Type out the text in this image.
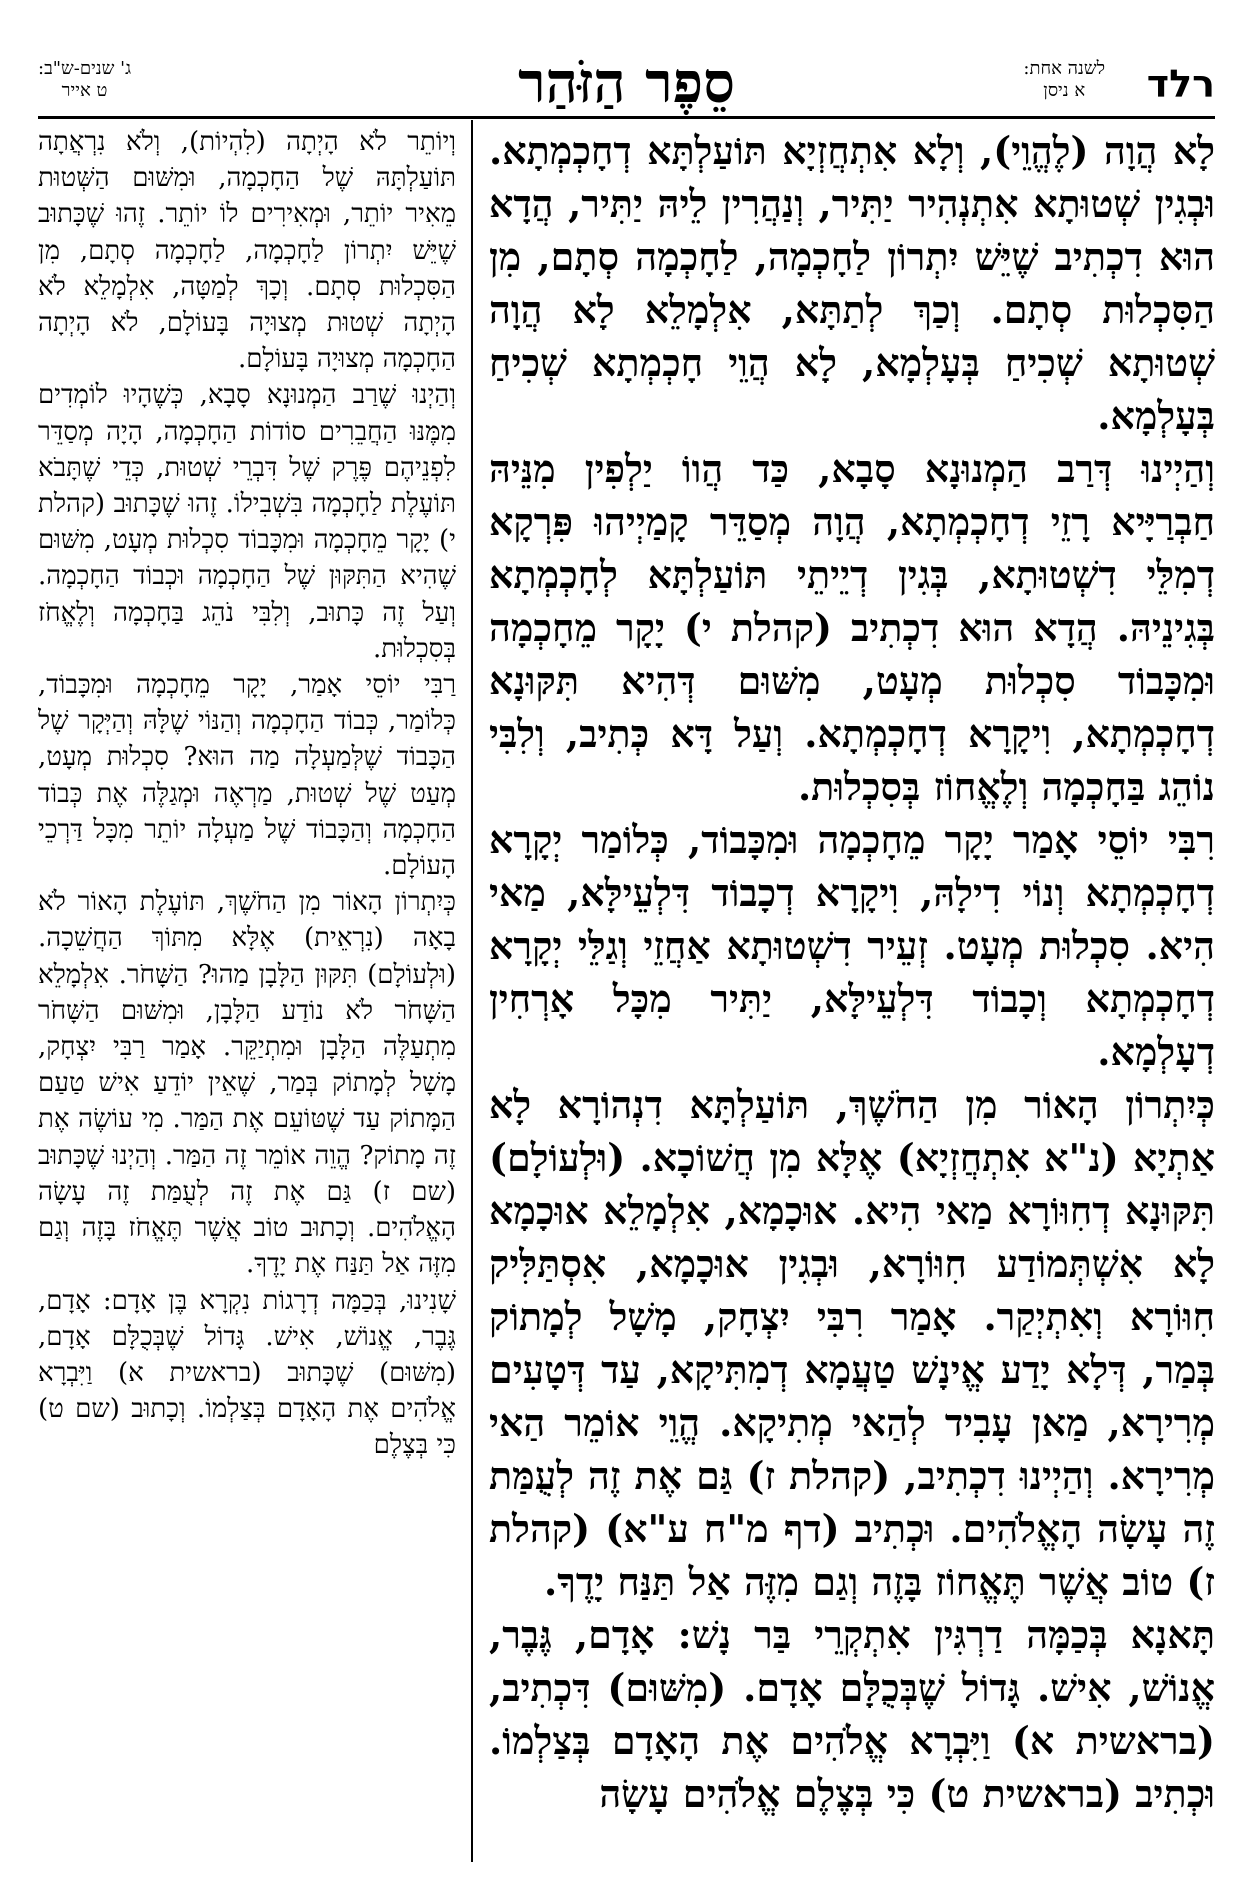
רלד
לשנה אחת:
א ניסן
סֵפֶר הַזֹּהַר
ג' שנים-ש"ב:
ט אייר

לָא הֲוָה (לֶהֱוֵי), וְלָא אִתְחֲזְיָא תּוֹעַלְתָּא דְחָכְמְתָא. וּבְגִין שְׁטוּתָא אִתְנְהִיר יַתִּיר, וְנַהֲרִין לֵיהּ יַתִּיר, הֲדָא הוּא דִכְתִיב שֶׁיֵּשׁ יִתְרוֹן לַחָכְמָה, לַחָכְמָה סְתָם, מִן הַסִּכְלוּת סְתָם. וְכַךְ לְתַתָּא, אִלְמָלֵא לָא הֲוָה שְׁטוּתָא שְׁכִיחַ בְּעָלְמָא, לָא הֲוֵי חָכְמְתָא שְׁכִיחַ בְּעָלְמָא.

וְהַיְינוּ דְּרַב הַמְנוּנָא סָבָא, כַּד הֲווֹ יַלְפִין מִנֵּיהּ חַבְרַיָּיא רָזֵי דְחָכְמְתָא, הֲוָה מְסַדֵּר קָמַיְיהוּ פִּרְקָא דְמִלֵּי דִשְׁטוּתָא, בְּגִין דְיֵיתֵי תּוֹעַלְתָּא לְחָכְמְתָא בְּגִינֵיהּ. הֲדָא הוּא דִכְתִיב (קהלת י) יָקָר מֵחָכְמָה וּמִכָּבוֹד סִכְלוּת מְעָט, מִשּׁוּם דְּהִיא תִּקּוּנָא דְחָכְמְתָא, וִיקָרָא דְחָכְמְתָא. וְעַל דָּא כְּתִיב, וְלִבִּי נוֹהֵג בַּחָכְמָה וְלֶאֱחוֹז בְּסִכְלוּת.

רִבִּי יוֹסֵי אָמַר יָקָר מֵחָכְמָה וּמִכָּבוֹד, כְּלוֹמַר יְקָרָא דְחָכְמְתָא וְנוֹי דִילָהּ, וִיקָרָא דְכָבוֹד דִּלְעֵילָּא, מַאי הִיא. סִכְלוּת מְעָט. זְעֵיר דִשְׁטוּתָא אַחֲזֵי וְגַלֵּי יְקָרָא דְחָכְמְתָא וְכָבוֹד דִּלְעֵילָּא, יַתִּיר מִכָּל אָרְחִין דְעָלְמָא.

כְּיִתְרוֹן הָאוֹר מִן הַחֹשֶׁךְ, תּוֹעַלְתָּא דִנְהוֹרָא לָא אַתְיָא (נ"א אִתְחֲזְיָא) אֶלָּא מִן חֲשׁוֹכָא. (וּלְעוֹלָם) תִּקּוּנָא דְחִוּוֹרָא מַאי הִיא. אוּכָמָא, אִלְמָלֵא אוּכָמָא לָא אִשְׁתְּמוֹדַע חִוּוֹרָא, וּבְגִין אוּכָמָא, אִסְתַּלִּיק חִוּוֹרָא וְאִתְיְקַר. אָמַר רִבִּי יִצְחָק, מָשָׁל לְמָתוֹק בְּמַר, דְּלָא יָדַע אֱינָשׁ טַעֲמָא דְמִתִּיקָא, עַד דְּטָעִים מְרִירָא, מַאן עָבִיד לְהַאי מְתִיקָא. הֱוֵי אוֹמֵר הַאי מְרִירָא. וְהַיְינוּ דִכְתִיב, (קהלת ז) גַּם אֶת זֶה לְעֻמַּת זֶה עָשָׂה הָאֱלֹהִים. וּכְתִיב (דף מ"ח ע"א) (קהלת ז) טוֹב אֲשֶׁר תֶּאֱחוֹז בָּזֶה וְגַם מִזֶּה אַל תַּנַּח יָדֶךָ.

תָּאנָא בְּכַמָּה דַרְגִּין אִתְקְרֵי בַּר נָשׁ: אָדָם, גֶּבֶר, אֱנוֹשׁ, אִישׁ. גָּדוֹל שֶׁבְּכֻלָּם אָדָם. (מִשּׁוּם) דִּכְתִיב, (בראשית א) וַיִּבְרָא אֱלֹהִים אֶת הָאָדָם בְּצַלְמוֹ. וּכְתִיב (בראשית ט) כִּי בְּצֶלֶם אֱלֹהִים עָשָׂה

וְיוֹתֵר לֹא הָיְתָה (לִהְיוֹת), וְלֹא נִרְאֲתָה תּוֹעַלְתָּהּ שֶׁל הַחָכְמָה, וּמִשּׁוּם הַשְּׁטוּת מֵאִיר יוֹתֵר, וּמְאִירִים לוֹ יוֹתֵר. זֶהוּ שֶׁכָּתוּב שֶׁיֵּשׁ יִתְרוֹן לַחָכְמָה, לַחָכְמָה סְתָם, מִן הַסִּכְלוּת סְתָם. וְכָךְ לְמַטָּה, אִלְמָלֵא לֹא הָיְתָה שְׁטוּת מְצוּיָה בָּעוֹלָם, לֹא הָיְתָה הַחָכְמָה מְצוּיָה בָּעוֹלָם.

וְהַיְנוּ שֶׁרַב הַמְנוּנָא סָבָא, כְּשֶׁהָיוּ לוֹמְדִים מִמֶּנּוּ הַחֲבֵרִים סוֹדוֹת הַחָכְמָה, הָיָה מְסַדֵּר לִפְנֵיהֶם פֶּרֶק שֶׁל דִּבְרֵי שְׁטוּת, כְּדֵי שֶׁתָּבֹא תּוֹעֶלֶת לַחָכְמָה בִּשְׁבִילוֹ. זֶהוּ שֶׁכָּתוּב (קהלת י) יָקָר מֵחָכְמָה וּמִכָּבוֹד סִכְלוּת מְעָט, מִשּׁוּם שֶׁהִיא הַתִּקּוּן שֶׁל הַחָכְמָה וּכְבוֹד הַחָכְמָה. וְעַל זֶה כָּתוּב, וְלִבִּי נֹהֵג בַּחָכְמָה וְלֶאֱחֹז בְּסִכְלוּת.

רַבִּי יוֹסֵי אָמַר, יָקָר מֵחָכְמָה וּמִכָּבוֹד, כְּלוֹמַר, כְּבוֹד הַחָכְמָה וְהַנּוֹי שֶׁלָּהּ וְהַיְּקָר שֶׁל הַכָּבוֹד שֶׁלְּמַעְלָה מַה הוּא? סִכְלוּת מְעָט, מְעַט שֶׁל שְׁטוּת, מַרְאֶה וּמְגַלֶּה אֶת כְּבוֹד הַחָכְמָה וְהַכָּבוֹד שֶׁל מַעְלָה יוֹתֵר מִכָּל דַּרְכֵי הָעוֹלָם.

כְּיִתְרוֹן הָאוֹר מִן הַחֹשֶׁךְ, תּוֹעֶלֶת הָאוֹר לֹא בָאָה (נִרְאֵית) אֶלָּא מִתּוֹךְ הַחֲשֵׁכָה. (וּלְעוֹלָם) תִּקּוּן הַלָּבָן מַהוּ? הַשָּׁחֹר. אִלְמָלֵא הַשָּׁחֹר לֹא נוֹדַע הַלָּבָן, וּמִשּׁוּם הַשָּׁחֹר מִתְעַלֶּה הַלָּבָן וּמִתְיַקֵּר. אָמַר רַבִּי יִצְחָק, מָשָׁל לְמָתוֹק בְּמַר, שֶׁאֵין יוֹדֵעַ אִישׁ טַעַם הַמָּתוֹק עַד שֶׁטּוֹעֵם אֶת הַמַּר. מִי עוֹשֶׂה אֶת זֶה מָתוֹק? הֱוֵה אוֹמֵר זֶה הַמַּר. וְהַיְנוּ שֶׁכָּתוּב (שם ז) גַּם אֶת זֶה לְעֻמַּת זֶה עָשָׂה הָאֱלֹהִים. וְכָתוּב טוֹב אֲשֶׁר תֶּאֱחֹז בָּזֶה וְגַם מִזֶּה אַל תַּנַּח אֶת יָדֶךָ.

שָׁנִינוּ, בְּכַמָּה דְרָגוֹת נִקְרָא בֶּן אָדָם: אָדָם, גֶּבֶר, אֱנוֹשׁ, אִישׁ. גָּדוֹל שֶׁבְּכֻלָּם אָדָם, (מִשּׁוּם) שֶׁכָּתוּב (בראשית א) וַיִּבְרָא אֱלֹהִים אֶת הָאָדָם בְּצַלְמוֹ. וְכָתוּב (שם ט) כִּי בְּצֶלֶם
